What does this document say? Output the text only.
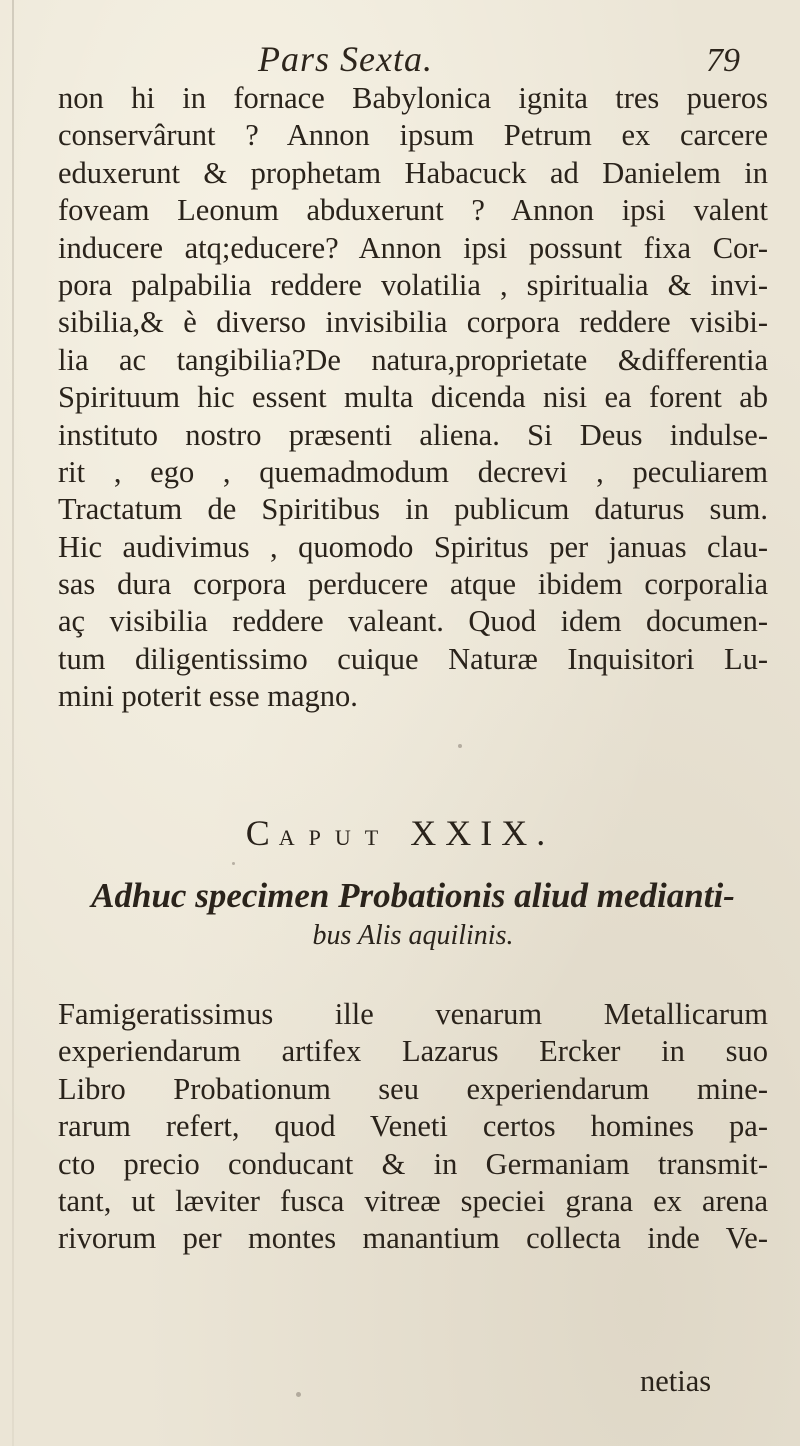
Pars Sexta.	79
non hi in fornace Babylonica ignita tres pueros
conservârunt ? Annon ipsum Petrum ex carcere
eduxerunt & prophetam Habacuck ad Danielem in
foveam Leonum abduxerunt ? Annon ipsi valent
inducere atq;educere? Annon ipsi possunt fixa Cor-
pora palpabilia reddere volatilia , spiritualia & invi-
sibilia,& è diverso invisibilia corpora reddere visibi-
lia ac tangibilia?De natura,proprietate &differentia
Spirituum hic essent multa dicenda nisi ea forent ab
instituto nostro præsenti aliena. Si Deus indulse-
rit , ego , quemadmodum decrevi , peculiarem
Tractatum de Spiritibus in publicum daturus sum.
Hic audivimus , quomodo Spiritus per januas clau-
sas dura corpora perducere atque ibidem corporalia
aç visibilia reddere valeant. Quod idem documen-
tum diligentissimo cuique Naturæ Inquisitori Lu-
mini poterit esse magno.
CAPUT XXIX.
Adhuc specimen Probationis aliud medianti-
bus Alis aquilinis.
Famigeratissimus ille venarum Metallicarum
experiendarum artifex Lazarus Ercker in suo
Libro Probationum seu experiendarum mine-
rarum refert, quod Veneti certos homines pa-
cto precio conducant & in Germaniam transmit-
tant, ut læviter fusca vitreæ speciei grana ex arena
rivorum per montes manantium collecta inde Ve-
netias
